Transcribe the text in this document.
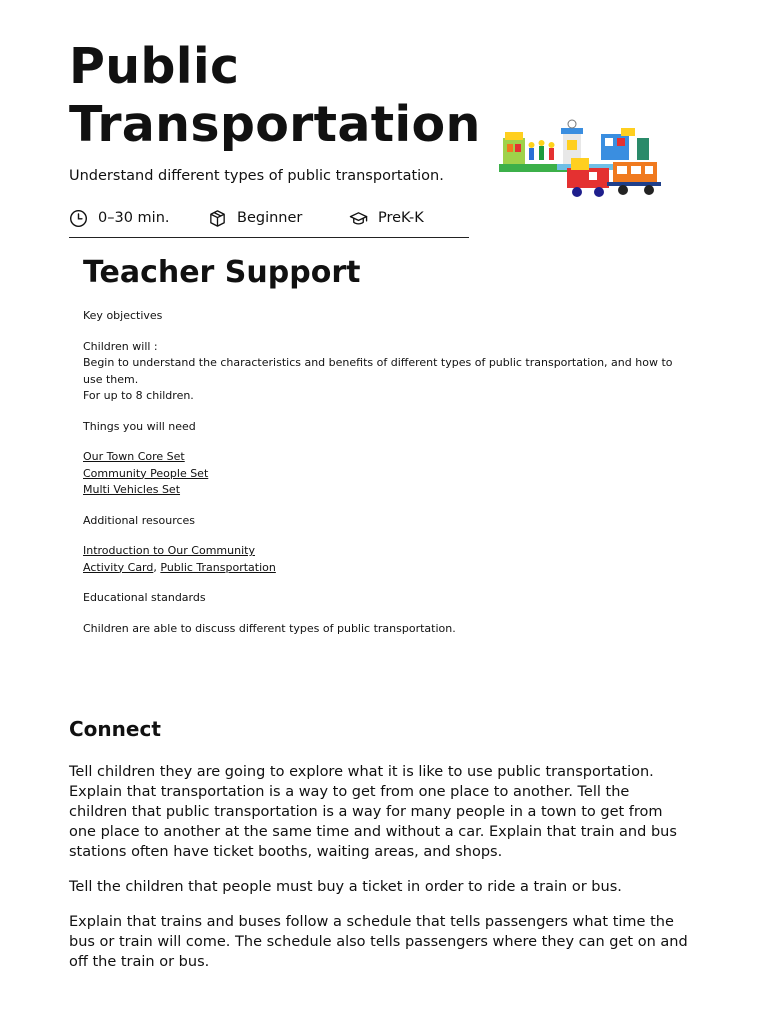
Public
Transportation

Understand different types of public transportation.

0–30 min.	Beginner	PreK-K
Teacher Support

Key objectives

Children will :

Begin to understand the characteristics and benefits of different types of public transportation, and how to use them.

For up to 8 children.

Things you will need

Our Town Core Set

Community People Set

Multi Vehicles Set

Additional resources

Introduction to Our Community

Activity Card, Public Transportation

Educational standards

Children are able to discuss different types of public transportation.

Connect

Tell children they are going to explore what it is like to use public transportation. Explain that transportation is a way to get from one place to another. Tell the children that public transportation is a way for many people in a town to get from one place to another at the same time and without a car. Explain that train and bus stations often have ticket booths, waiting areas, and shops.

Tell the children that people must buy a ticket in order to ride a train or bus.

Explain that trains and buses follow a schedule that tells passengers what time the bus or train will come. The schedule also tells passengers where they can get on and off the train or bus.
